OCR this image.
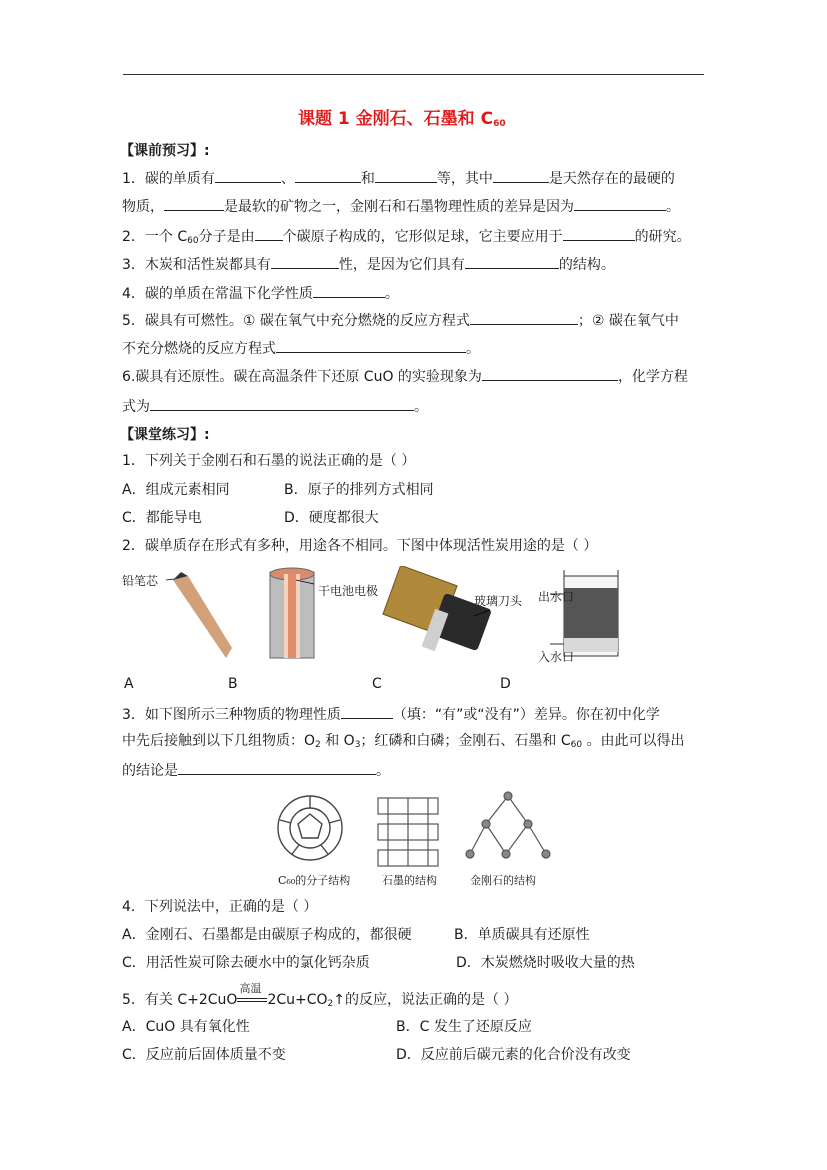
课题 1 金刚石、石墨和 $C_{60}$
【课前预习】:
1．碳的单质有	、	和	等，其中	是天然存在的最硬的
物质，	是最软的矿物之一，金刚石和石墨物理性质的差异是因为	。
2．一个 $C_{60}$分子是由 个碳原子构成的，它形似足球，它主要应用于	的研究。
3．木炭和活性炭都具有	性，是因为它们具有	的结构。
4．碳的单质在常温下化学性质	。
5．碳具有可燃性。① 碳在氧气中充分燃烧的反应方程式	；② 碳在氧气中
不充分燃烧的反应方程式	。
6.碳具有还原性。碳在高温条件下还原 CuO 的实验现象为	，化学方程
式为	。
【课堂练习】:
1．下列关于金刚石和石墨的说法正确的是（ ）
A．组成元素相同	B．原子的排列方式相同
C．都能导电	D．硬度都很大
2．碳单质存在形式有多种，用途各不相同。下图中体现活性炭用途的是（ ）
铅笔芯
干电池电极
玻璃刀头 出水口
入水口
A	B	C	D
3．如下图所示三种物质的物理性质	（填：“有”或“没有”）差异。你在初中化学
中先后接触到以下几组物质：$O_2$ 和 $O_3$；红磷和白磷；金刚石、石墨和 $C_{60}$ 。由此可以得出
的结论是	。
C₆₀的分子结构	石墨的结构	金刚石的结构
4．下列说法中，正确的是（ ）
A．金刚石、石墨都是由碳原子构成的，都很硬	B．单质碳具有还原性
C．用活性炭可除去硬水中的氯化钙杂质	D．木炭燃烧时吸收大量的热
5．有关 C+2CuO
高温
$2Cu+CO_2↑$的反应，说法正确的是（ ）
A．CuO 具有氧化性	B．C 发生了还原反应
C．反应前后固体质量不变	D．反应前后碳元素的化合价没有改变
